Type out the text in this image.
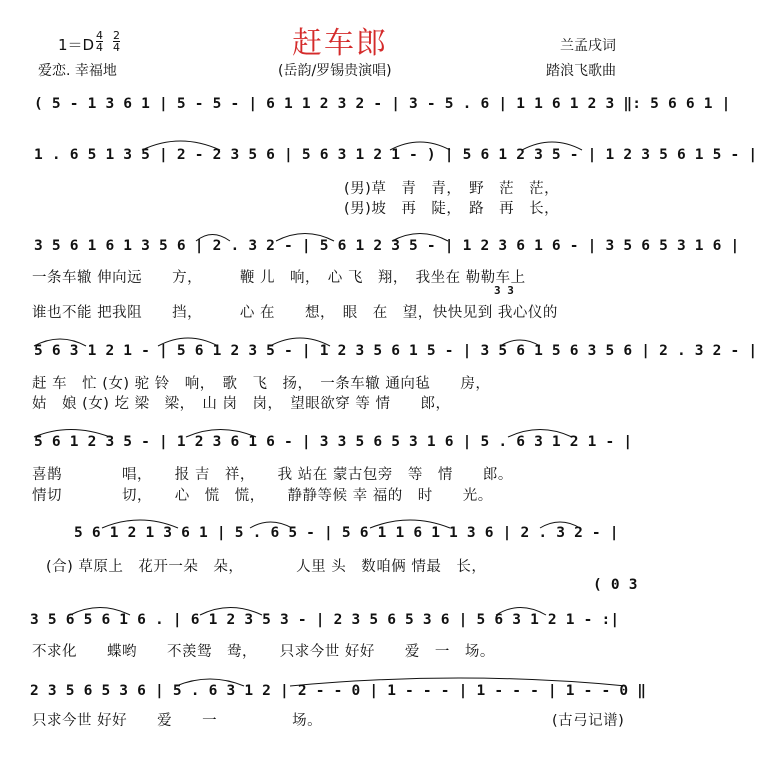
赶车郎
$1=D \frac{4}{4} \frac{2}{4}$	兰孟戌词
爱恋. 幸福地	(岳韵/罗锡贵演唱)	踏浪飞歌曲
( 5 - 1 3 6 1 | 5 - 5 - | 6 1 1 2 3 2 - | 3 - 5 . 6 | 1 1 6 1 2 3 ‖: 5 6 6 1 |
1 . 6 5 1 3 5 | 2 - 2 3 5 6 | 5 6 3 1 2 1 - ) | 5 6 1 2 3 5 - | 1 2 3 5 6 1 5 - |
3 5 6 1 6 1 3 5 6 | 2 . 3 2 - | 5 6 1 2 3 5 - | 1 2 3 6 1 6 - | 3 5 6 5 3 1 6 |
3 3
5 6 3 1 2 1 - | 5 6 1 2 3 5 - | 1 2 3 5 6 1 5 - | 3 5 6 1 5 6 3 5 6 | 2 . 3 2 - |
5 6 1 2 3 5 - | 1 2 3 6 1 6 - | 3 3 5 6 5 3 1 6 | 5 . 6 3 1 2 1 - |
5 6 1 2 1 3 6 1 | 5 . 6 5 - | 5 6 1 1 6 1 1 3 6 | 2 . 3 2 - |
( 0 3
3 5 6 5 6 1 6 . | 6 1 2 3 5 3 - | 2 3 5 6 5 3 6 | 5 6 3 1 2 1 - :|
2 3 5 6 5 3 6 | 5 . 6 3 1 2 | 2 - - 0 | 1 - - - | 1 - - - | 1 - - 0 ‖
(男)草　青　青，　野　茫　茫，
(男)坡　再　陡，　路　再　长，
一条车辙 伸向远　　方，　　　鞭 儿　响，　心 飞　翔，　我坐在 勒勒车上
谁也不能 把我阻　　挡，　　　心 在　　想，　眼　在　望，快快见到 我心仪的
赶 车　忙 (女) 驼 铃　响，　歌　飞　扬，　一条车辙 通向毡　　房，
姑　娘 (女) 圪 梁　梁，　山 岗　岗，　望眼欲穿 等 情　　郎，
喜鹊　　　　唱，　　报 吉　祥，　　我 站在 蒙古包旁　等　情　　郎。
情切　　　　切，　　心　慌　慌，　　静静等候 幸 福的　时　　光。
(合) 草原上　花开一朵　朵，　　　　人里 头　数咱俩 情最　长，
不求化　　蝶哟　　不羡鸳　鸯，　　只求今世 好好　　爱　一　场。
只求今世 好好　　爱　　一　　　　　场。	(古弓记谱)
